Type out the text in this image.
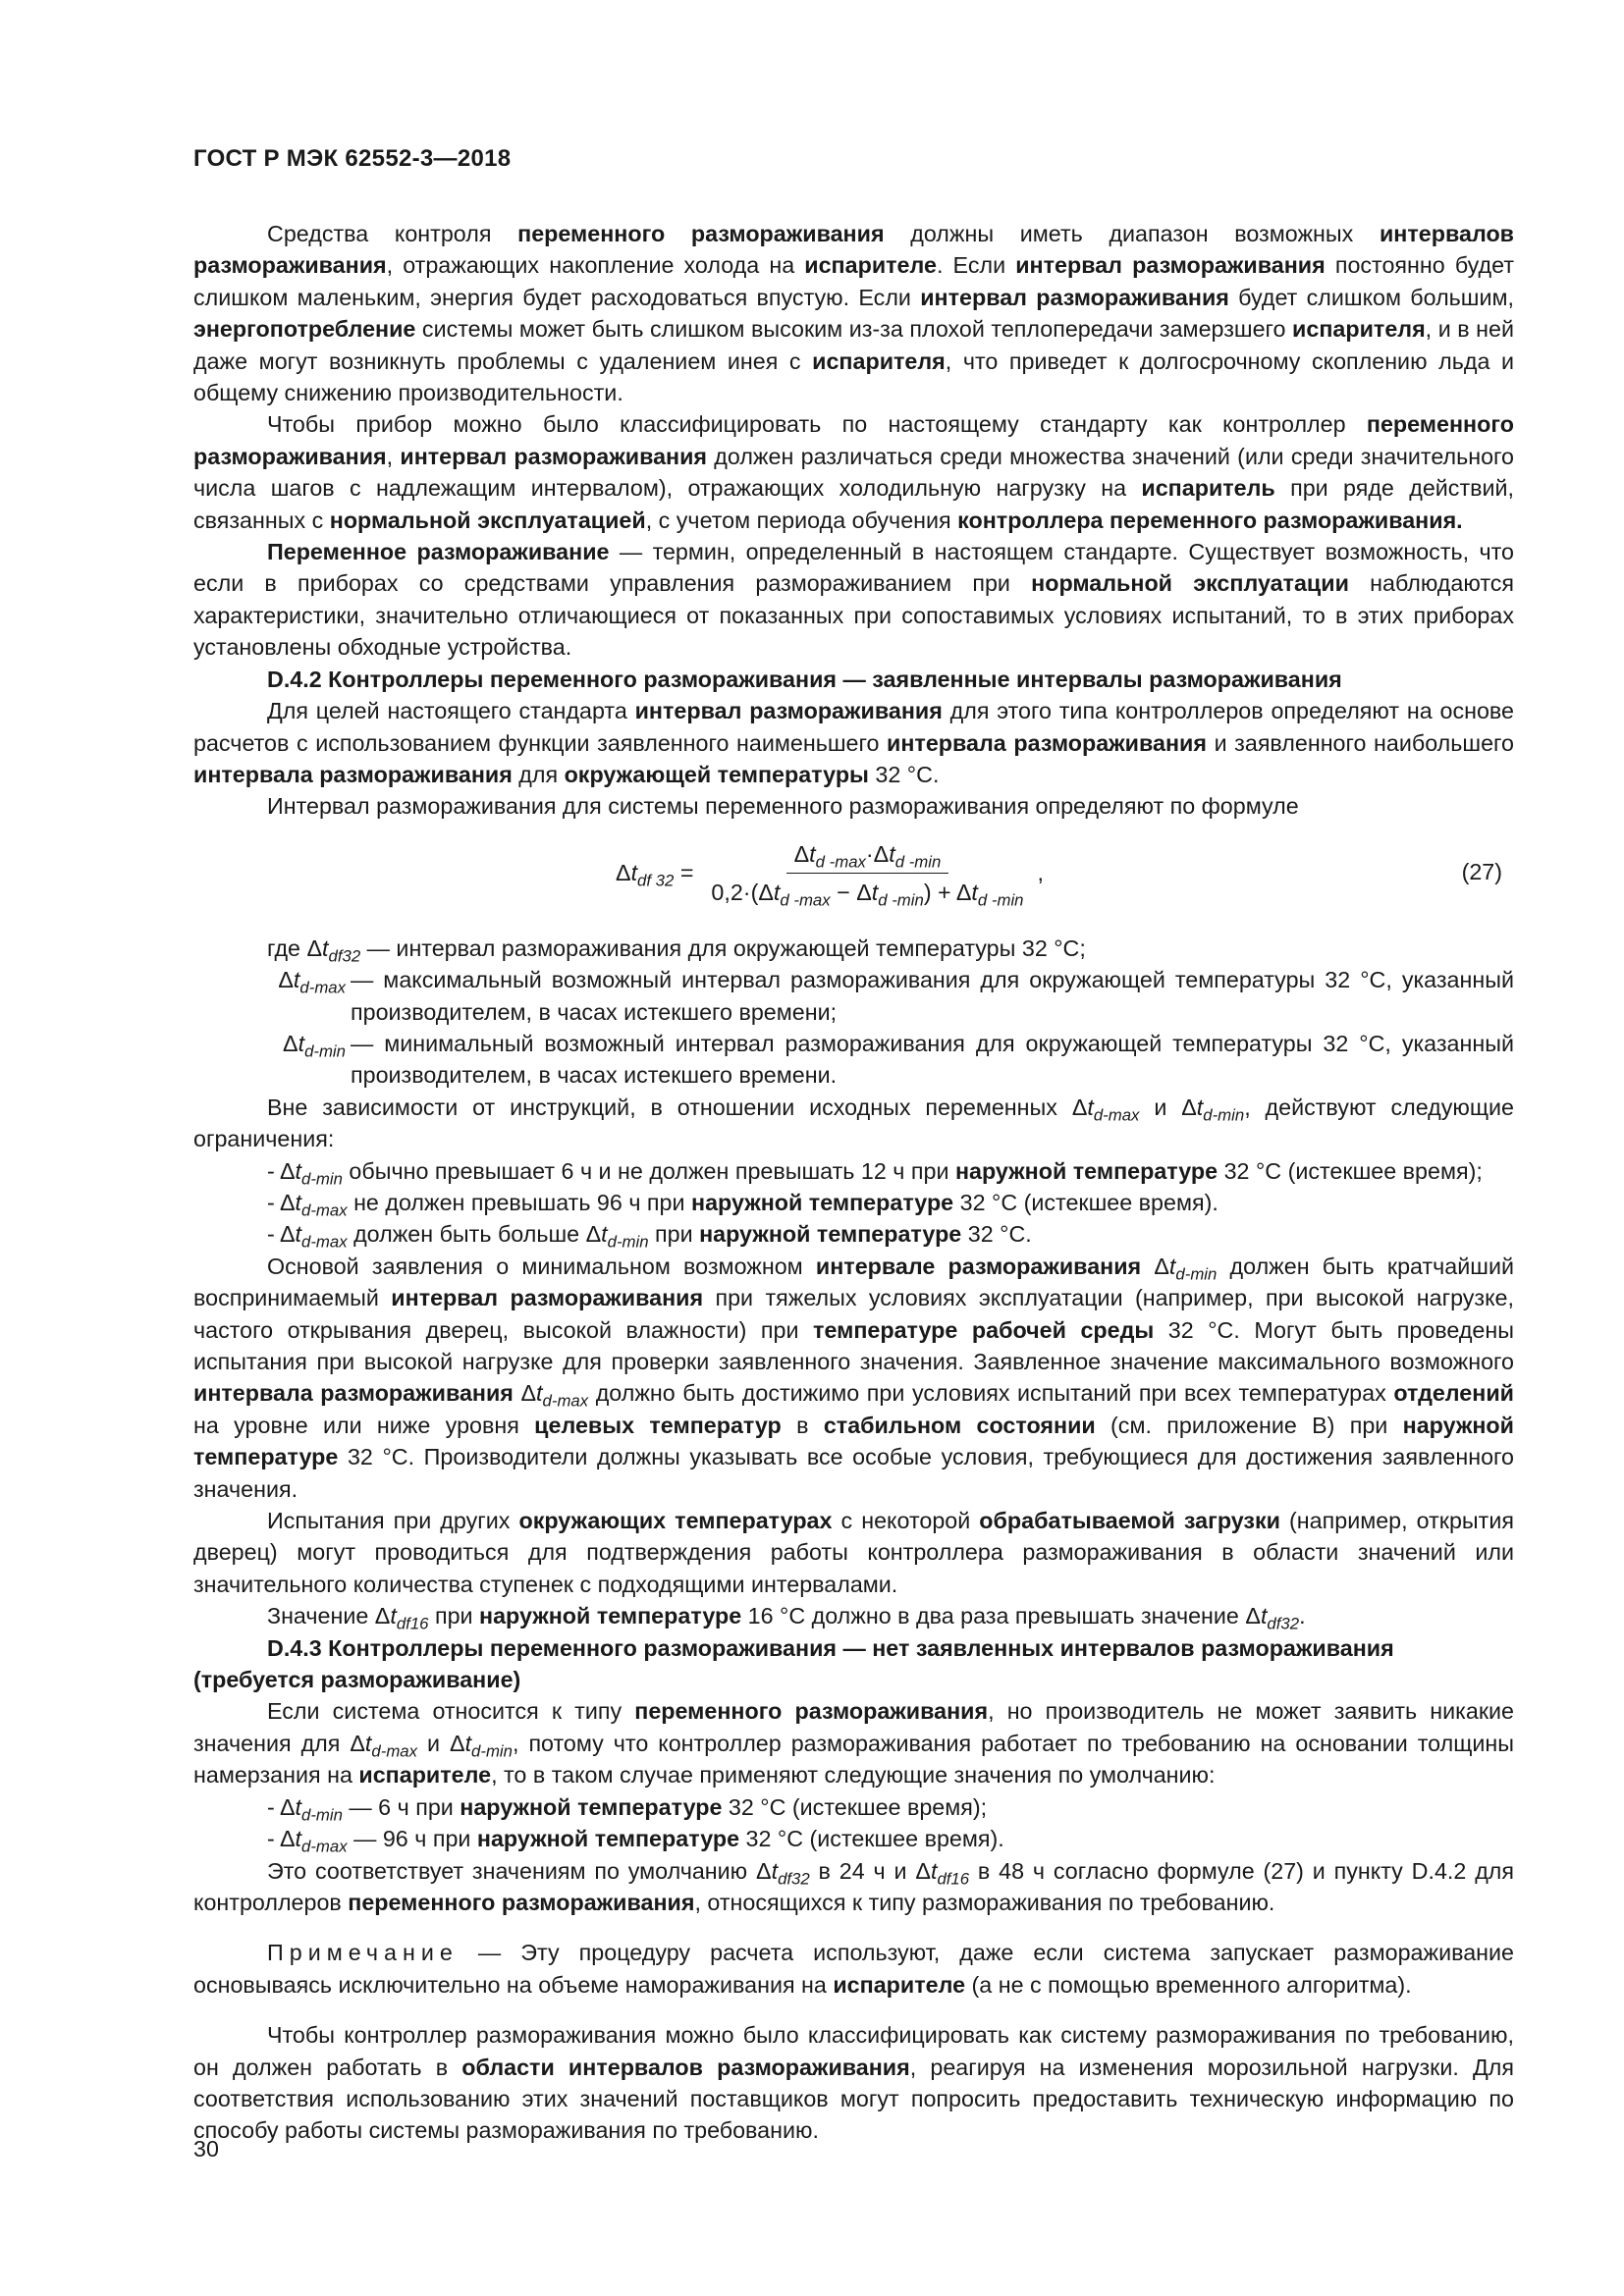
ГОСТ Р МЭК 62552-3—2018

Средства контроля переменного размораживания должны иметь диапазон возможных интервалов размораживания, отражающих накопление холода на испарителе. Если интервал размораживания постоянно будет слишком маленьким, энергия будет расходоваться впустую. Если интервал размораживания будет слишком большим, энергопотребление системы может быть слишком высоким из-за плохой теплопередачи замерзшего испарителя, и в ней даже могут возникнуть проблемы с удалением инея с испарителя, что приведет к долгосрочному скоплению льда и общему снижению производительности.

Чтобы прибор можно было классифицировать по настоящему стандарту как контроллер переменного размораживания, интервал размораживания должен различаться среди множества значений (или среди значительного числа шагов с надлежащим интервалом), отражающих холодильную нагрузку на испаритель при ряде действий, связанных с нормальной эксплуатацией, с учетом периода обучения контроллера переменного размораживания.

Переменное размораживание — термин, определенный в настоящем стандарте. Существует возможность, что если в приборах со средствами управления размораживанием при нормальной эксплуатации наблюдаются характеристики, значительно отличающиеся от показанных при сопоставимых условиях испытаний, то в этих приборах установлены обходные устройства.

D.4.2 Контроллеры переменного размораживания — заявленные интервалы размораживания

Для целей настоящего стандарта интервал размораживания для этого типа контроллеров определяют на основе расчетов с использованием функции заявленного наименьшего интервала размораживания и заявленного наибольшего интервала размораживания для окружающей температуры 32 °C.

Интервал размораживания для системы переменного размораживания определяют по формуле

$\Delta t_{df 32} = \frac{\Delta t_{d -max}\cdot\Delta t_{d -min}}{0,2\cdot(\Delta t_{d -max} - \Delta t_{d -min}) + \Delta t_{d -min}}$ ,	(27)

где $\Delta t_{df32}$ — интервал размораживания для окружающей температуры 32 °C;

$\Delta t_{d-max}$ — максимальный возможный интервал размораживания для окружающей температуры 32 °C, указанный производителем, в часах истекшего времени;
$\Delta t_{d-min}$ — минимальный возможный интервал размораживания для окружающей температуры 32 °C, указанный производителем, в часах истекшего времени.

Вне зависимости от инструкций, в отношении исходных переменных $\Delta t_{d-max}$ и $\Delta t_{d-min}$, действуют следующие ограничения:

- $\Delta t_{d-min}$ обычно превышает 6 ч и не должен превышать 12 ч при наружной температуре 32 °C (истекшее время);

- $\Delta t_{d-max}$ не должен превышать 96 ч при наружной температуре 32 °C (истекшее время).

- $\Delta t_{d-max}$ должен быть больше $\Delta t_{d-min}$ при наружной температуре 32 °C.

Основой заявления о минимальном возможном интервале размораживания $\Delta t_{d-min}$ должен быть кратчайший воспринимаемый интервал размораживания при тяжелых условиях эксплуатации (например, при высокой нагрузке, частого открывания дверец, высокой влажности) при температуре рабочей среды 32 °C. Могут быть проведены испытания при высокой нагрузке для проверки заявленного значения. Заявленное значение максимального возможного интервала размораживания $\Delta t_{d-max}$ должно быть достижимо при условиях испытаний при всех температурах отделений на уровне или ниже уровня целевых температур в стабильном состоянии (см. приложение В) при наружной температуре 32 °C. Производители должны указывать все особые условия, требующиеся для достижения заявленного значения.

Испытания при других окружающих температурах с некоторой обрабатываемой загрузки (например, открытия дверец) могут проводиться для подтверждения работы контроллера размораживания в области значений или значительного количества ступенек с подходящими интервалами.

Значение $\Delta t_{df16}$ при наружной температуре 16 °C должно в два раза превышать значение $\Delta t_{df32}$.

D.4.3 Контроллеры переменного размораживания — нет заявленных интервалов размораживания (требуется размораживание)

Если система относится к типу переменного размораживания, но производитель не может заявить никакие значения для $\Delta t_{d-max}$ и $\Delta t_{d-min}$, потому что контроллер размораживания работает по требованию на основании толщины намерзания на испарителе, то в таком случае применяют следующие значения по умолчанию:

- $\Delta t_{d-min}$ — 6 ч при наружной температуре 32 °C (истекшее время);

- $\Delta t_{d-max}$ — 96 ч при наружной температуре 32 °C (истекшее время).

Это соответствует значениям по умолчанию $\Delta t_{df32}$ в 24 ч и $\Delta t_{df16}$ в 48 ч согласно формуле (27) и пункту D.4.2 для контроллеров переменного размораживания, относящихся к типу размораживания по требованию.

Примечание — Эту процедуру расчета используют, даже если система запускает размораживание основываясь исключительно на объеме намораживания на испарителе (а не с помощью временного алгоритма).

Чтобы контроллер размораживания можно было классифицировать как систему размораживания по требованию, он должен работать в области интервалов размораживания, реагируя на изменения морозильной нагрузки. Для соответствия использованию этих значений поставщиков могут попросить предоставить техническую информацию по способу работы системы размораживания по требованию.

30
